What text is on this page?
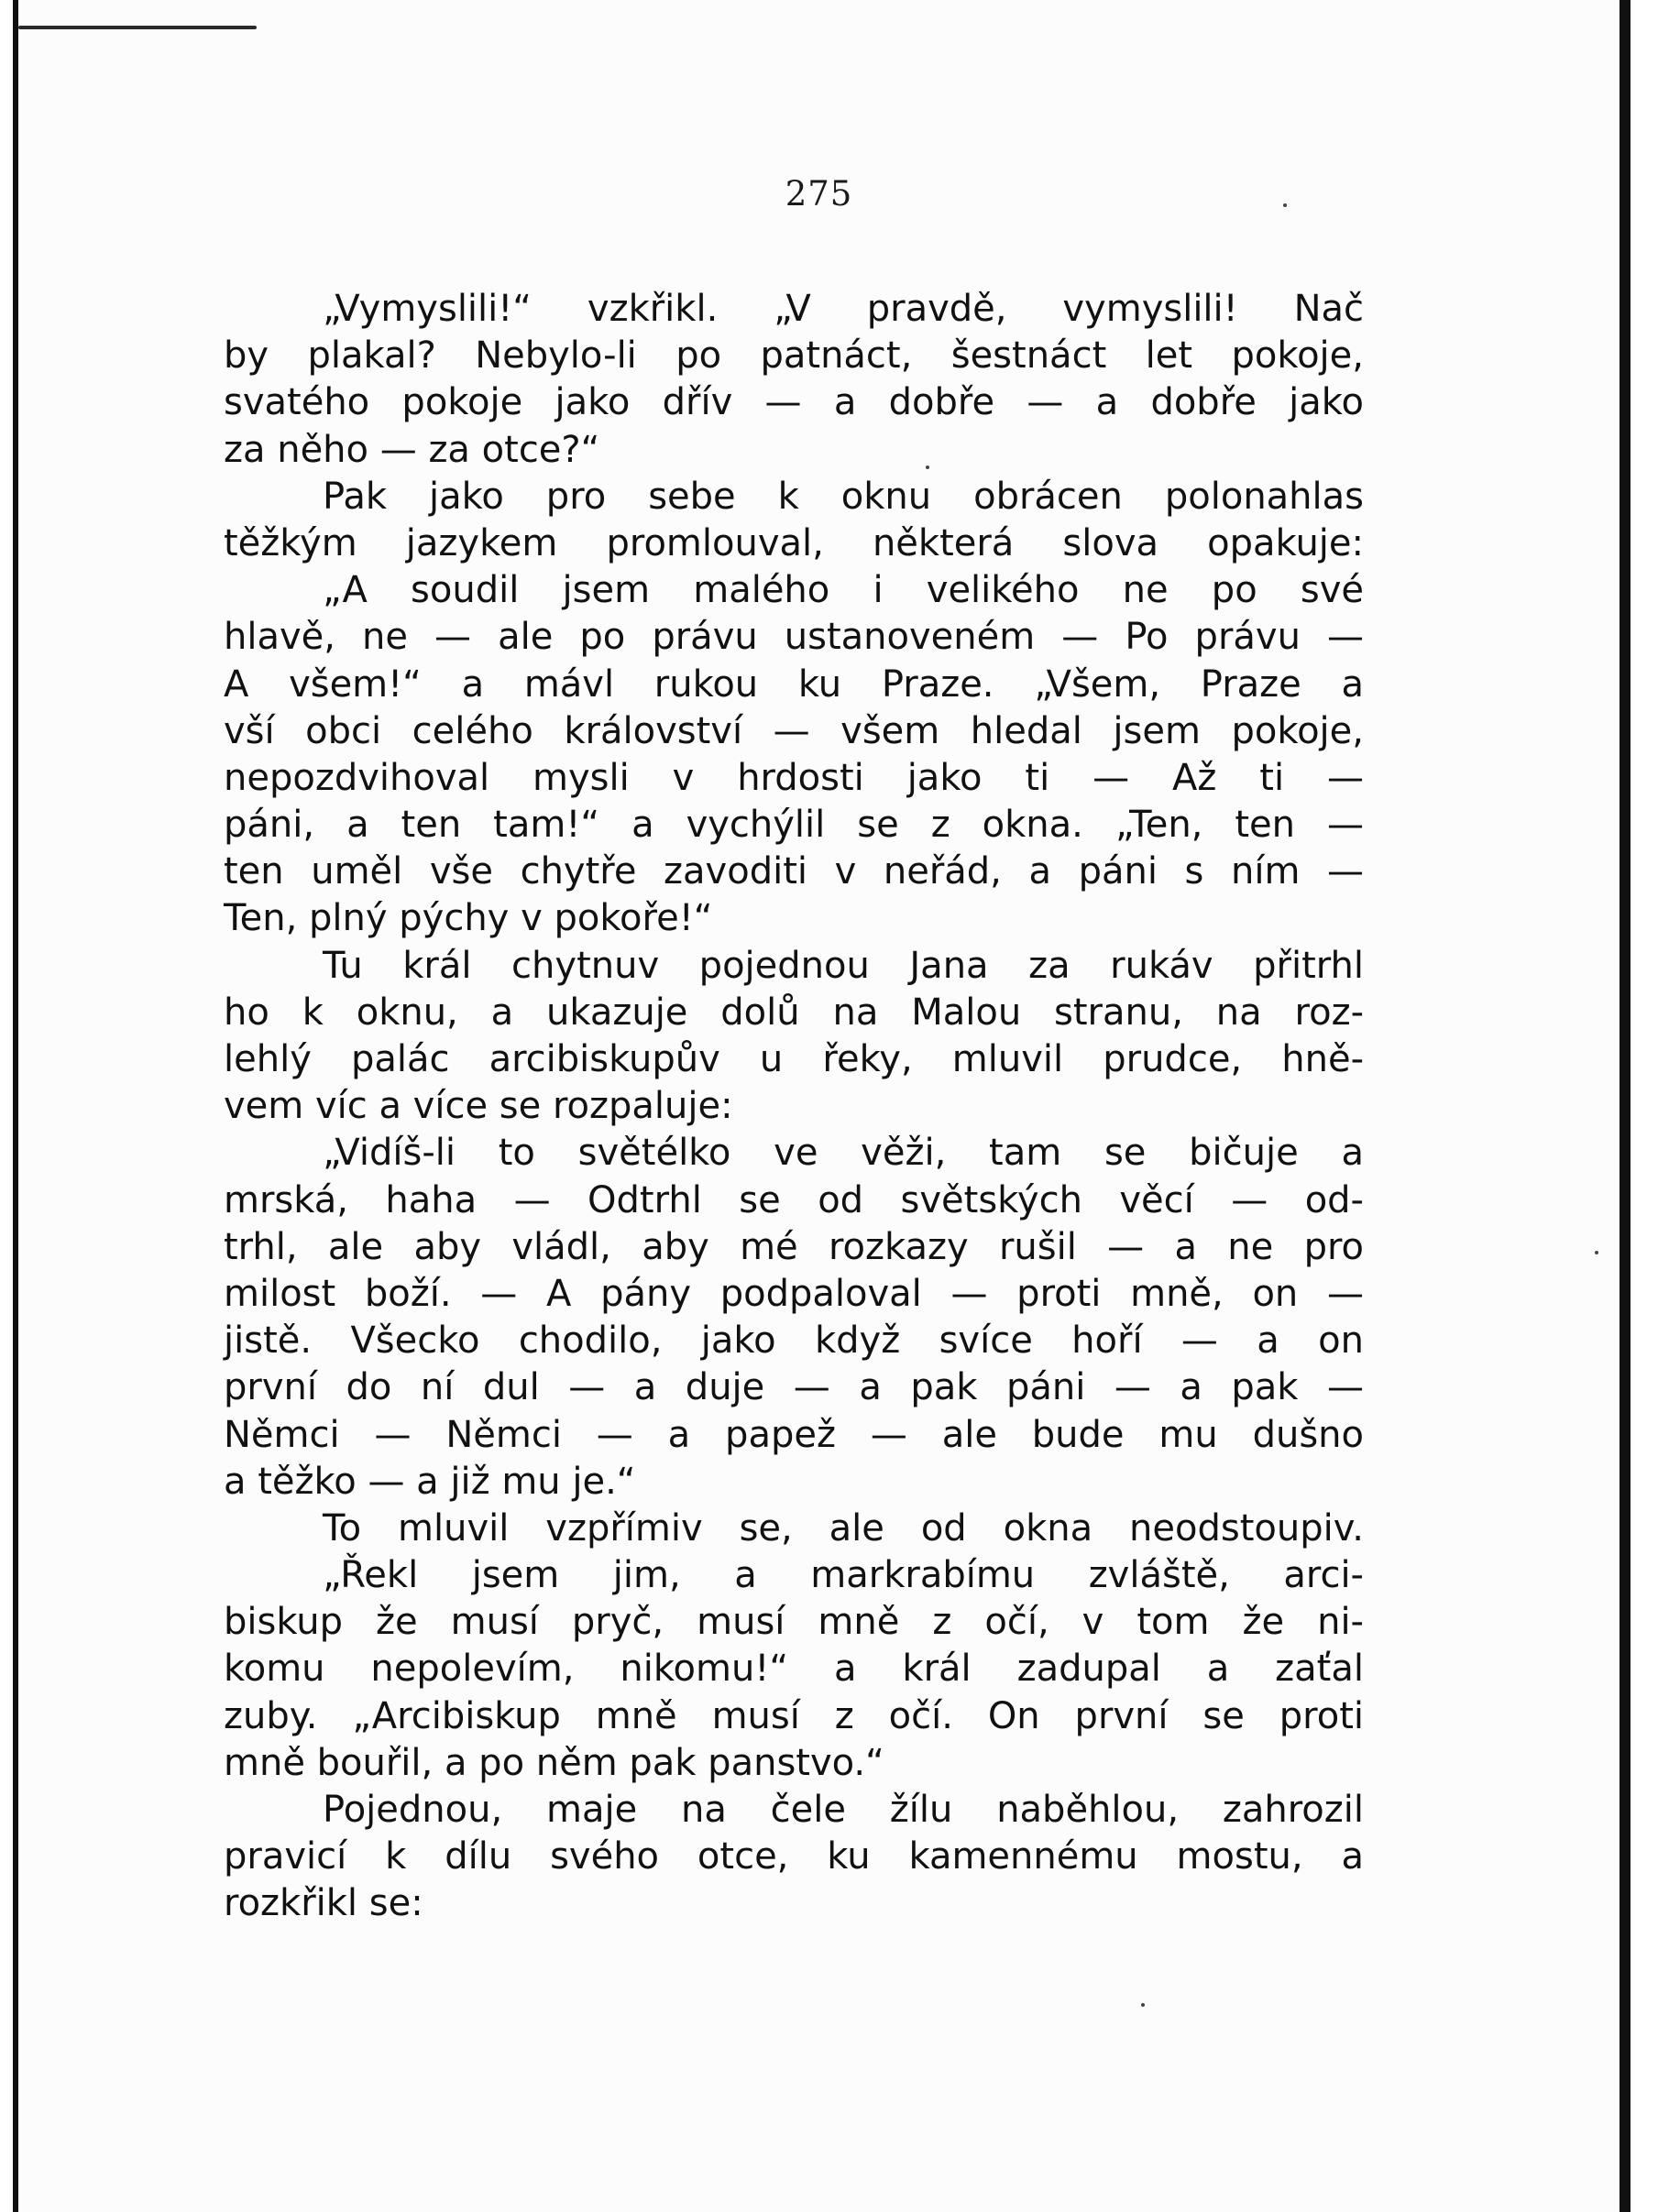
275

„Vymyslili!“ vzkřikl. „V pravdě, vymyslili! Nač
by plakal? Nebylo-li po patnáct, šestnáct let pokoje,
svatého pokoje jako dřív — a dobře — a dobře jako
za něho — za otce?“
Pak jako pro sebe k oknu obrácen polonahlas
těžkým jazykem promlouval, některá slova opakuje:
„A soudil jsem malého i velikého ne po své
hlavě, ne — ale po právu ustanoveném — Po právu —
A všem!“ a mávl rukou ku Praze. „Všem, Praze a
vší obci celého království — všem hledal jsem pokoje,
nepozdvihoval mysli v hrdosti jako ti — Až ti —
páni, a ten tam!“ a vychýlil se z okna. „Ten, ten —
ten uměl vše chytře zavoditi v neřád, a páni s ním —
Ten, plný pýchy v pokoře!“
Tu král chytnuv pojednou Jana za rukáv přitrhl
ho k oknu, a ukazuje dolů na Malou stranu, na roz-
lehlý palác arcibiskupův u řeky, mluvil prudce, hně-
vem víc a více se rozpaluje:
„Vidíš-li to světélko ve věži, tam se bičuje a
mrská, haha — Odtrhl se od světských věcí — od-
trhl, ale aby vládl, aby mé rozkazy rušil — a ne pro
milost boží. — A pány podpaloval — proti mně, on —
jistě. Všecko chodilo, jako když svíce hoří — a on
první do ní dul — a duje — a pak páni — a pak —
Němci — Němci — a papež — ale bude mu dušno
a těžko — a již mu je.“
To mluvil vzpřímiv se, ale od okna neodstoupiv.
„Řekl jsem jim, a markrabímu zvláště, arci-
biskup že musí pryč, musí mně z očí, v tom že ni-
komu nepolevím, nikomu!“ a král zadupal a zaťal
zuby. „Arcibiskup mně musí z očí. On první se proti
mně bouřil, a po něm pak panstvo.“
Pojednou, maje na čele žílu naběhlou, zahrozil
pravicí k dílu svého otce, ku kamennému mostu, a
rozkřikl se:
